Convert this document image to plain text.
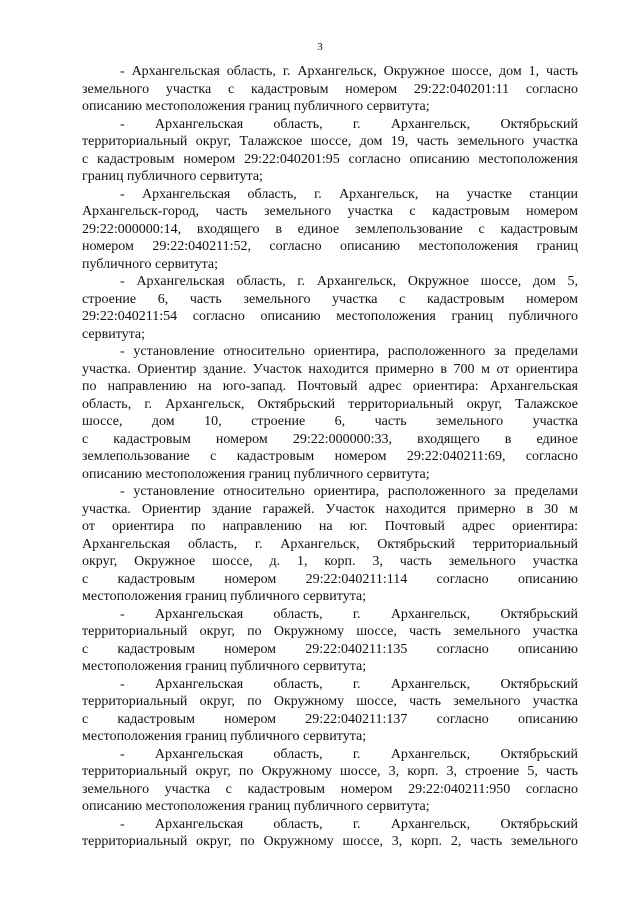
3
- Архангельская область, г. Архангельск, Окружное шоссе, дом 1, часть
земельного участка с кадастровым номером 29:22:040201:11 согласно
описанию местоположения границ публичного сервитута;
- Архангельская область, г. Архангельск, Октябрьский
территориальный округ, Талажское шоссе, дом 19, часть земельного участка
с кадастровым номером 29:22:040201:95 согласно описанию местоположения
границ публичного сервитута;
- Архангельская область, г. Архангельск, на участке станции
Архангельск-город, часть земельного участка с кадастровым номером
29:22:000000:14, входящего в единое землепользование с кадастровым
номером 29:22:040211:52, согласно описанию местоположения границ
публичного сервитута;
- Архангельская область, г. Архангельск, Окружное шоссе, дом 5,
строение 6, часть земельного участка с кадастровым номером
29:22:040211:54 согласно описанию местоположения границ публичного
сервитута;
- установление относительно ориентира, расположенного за пределами
участка. Ориентир здание. Участок находится примерно в 700 м от ориентира
по направлению на юго-запад. Почтовый адрес ориентира: Архангельская
область, г. Архангельск, Октябрьский территориальный округ, Талажское
шоссе, дом 10, строение 6, часть земельного участка
с кадастровым номером 29:22:000000:33, входящего в единое
землепользование с кадастровым номером 29:22:040211:69, согласно
описанию местоположения границ публичного сервитута;
- установление относительно ориентира, расположенного за пределами
участка. Ориентир здание гаражей. Участок находится примерно в 30 м
от ориентира по направлению на юг. Почтовый адрес ориентира:
Архангельская область, г. Архангельск, Октябрьский территориальный
округ, Окружное шоссе, д. 1, корп. 3, часть земельного участка
с кадастровым номером 29:22:040211:114 согласно описанию
местоположения границ публичного сервитута;
- Архангельская область, г. Архангельск, Октябрьский
территориальный округ, по Окружному шоссе, часть земельного участка
с кадастровым номером 29:22:040211:135 согласно описанию
местоположения границ публичного сервитута;
- Архангельская область, г. Архангельск, Октябрьский
территориальный округ, по Окружному шоссе, часть земельного участка
с кадастровым номером 29:22:040211:137 согласно описанию
местоположения границ публичного сервитута;
- Архангельская область, г. Архангельск, Октябрьский
территориальный округ, по Окружному шоссе, 3, корп. 3, строение 5, часть
земельного участка с кадастровым номером 29:22:040211:950 согласно
описанию местоположения границ публичного сервитута;
- Архангельская область, г. Архангельск, Октябрьский
территориальный округ, по Окружному шоссе, 3, корп. 2, часть земельного
